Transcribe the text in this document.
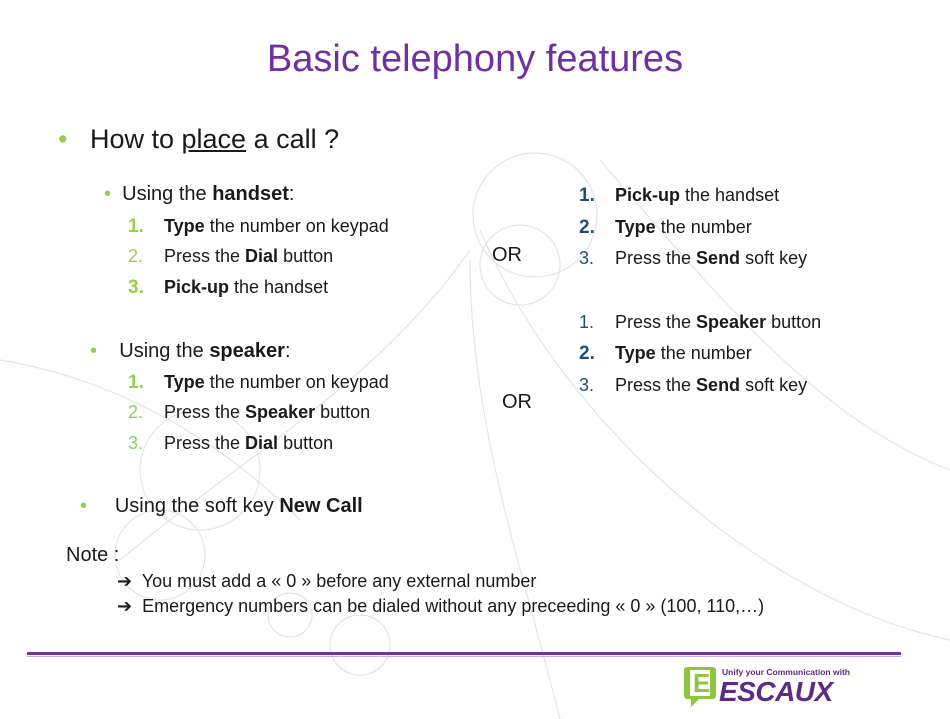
Basic telephony features
• How to place a call ?
• Using the handset:
1. Type the number on keypad
2. Press the Dial button
3. Pick-up the handset
• Using the speaker:
1. Type the number on keypad
2. Press the Speaker button
3. Press the Dial button
• Using the soft key New Call
OR
OR
1. Pick-up the handset
2. Type the number
3. Press the Send soft key
1. Press the Speaker button
2. Type the number
3. Press the Send soft key
Note :
➔ You must add a « 0 » before any external number
➔ Emergency numbers can be dialed without any preceeding « 0 » (100, 110,…)
E Unify your Communication with
ESCAUX
